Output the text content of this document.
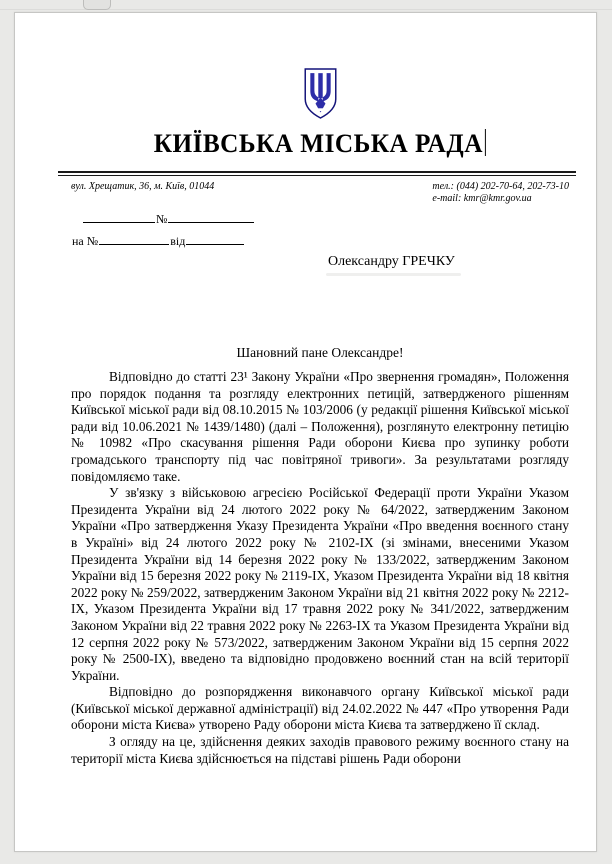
КИЇВСЬКА МІСЬКА РАДА
вул. Хрещатик, 36, м. Київ, 01044	тел.: (044) 202-70-64, 202-73-10
e-mail: kmr@kmr.gov.ua
№
на №	від
Олександру ГРЕЧКУ
Шановний пане Олександре!

Відповідно до статті 23¹ Закону України «Про звернення громадян», Положення про порядок подання та розгляду електронних петицій, затвердженого рішенням Київської міської ради від 08.10.2015 № 103/2006 (у редакції рішення Київської міської ради від 10.06.2021 № 1439/1480) (далі – Положення), розглянуто електронну петицію № 10982 «Про скасування рішення Ради оборони Києва про зупинку роботи громадського транспорту під час повітряної тривоги». За результатами розгляду повідомляємо таке.

У зв'язку з військовою агресією Російської Федерації проти України Указом Президента України від 24 лютого 2022 року № 64/2022, затвердженим Законом України «Про затвердження Указу Президента України «Про введення воєнного стану в Україні» від 24 лютого 2022 року № 2102-IX (зі змінами, внесеними Указом Президента України від 14 березня 2022 року № 133/2022, затвердженим Законом України від 15 березня 2022 року № 2119-IX, Указом Президента України від 18 квітня 2022 року № 259/2022, затвердженим Законом України від 21 квітня 2022 року № 2212-IX, Указом Президента України від 17 травня 2022 року № 341/2022, затвердженим Законом України від 22 травня 2022 року № 2263-IX та Указом Президента України від 12 серпня 2022 року № 573/2022, затвердженим Законом України від 15 серпня 2022 року № 2500-IX), введено та відповідно продовжено воєнний стан на всій території України.

Відповідно до розпорядження виконавчого органу Київської міської ради (Київської міської державної адміністрації) від 24.02.2022 № 447 «Про утворення Ради оборони міста Києва» утворено Раду оборони міста Києва та затверджено її склад.

З огляду на це, здійснення деяких заходів правового режиму воєнного стану на території міста Києва здійснюється на підставі рішень Ради оборони
